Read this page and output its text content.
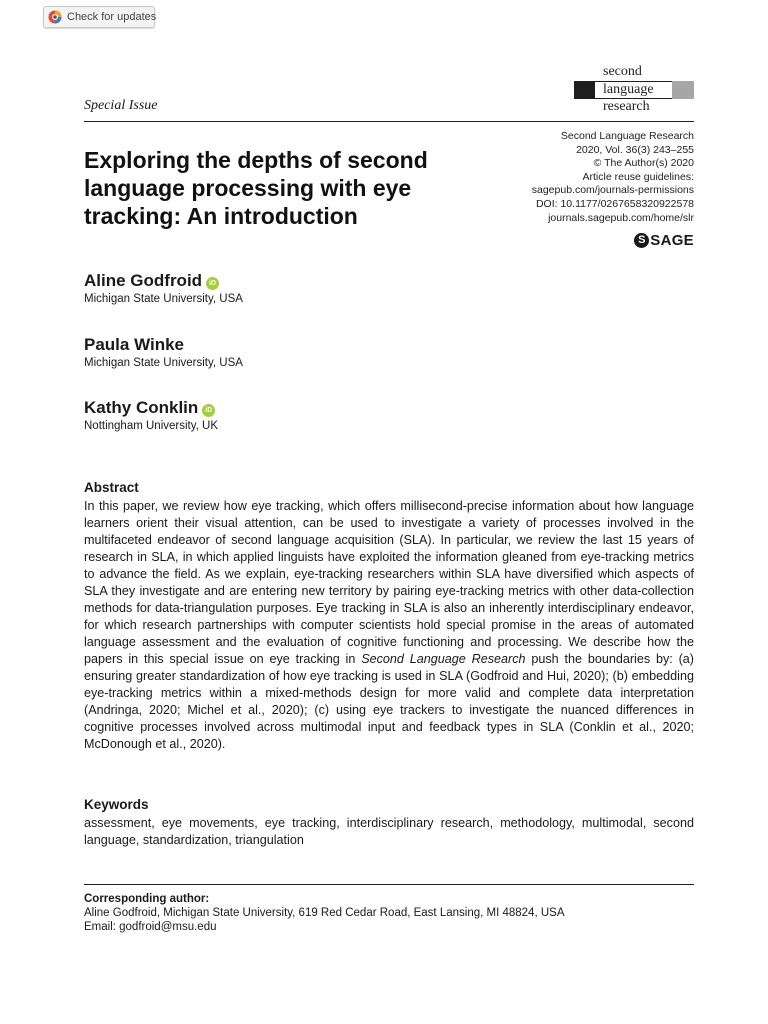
Check for updates
second
language
research
Special Issue
Second Language Research
2020, Vol. 36(3) 243–255
© The Author(s) 2020
Article reuse guidelines:
sagepub.com/journals-permissions
DOI: 10.1177/0267658320922578
journals.sagepub.com/home/slr
S SAGE
Exploring the depths of second language processing with eye tracking: An introduction
Aline Godfroid iD
Michigan State University, USA
Paula Winke
Michigan State University, USA
Kathy Conklin iD
Nottingham University, UK
Abstract
In this paper, we review how eye tracking, which offers millisecond-precise information about how language learners orient their visual attention, can be used to investigate a variety of processes involved in the multifaceted endeavor of second language acquisition (SLA). In particular, we review the last 15 years of research in SLA, in which applied linguists have exploited the information gleaned from eye-tracking metrics to advance the field. As we explain, eye-tracking researchers within SLA have diversified which aspects of SLA they investigate and are entering new territory by pairing eye-tracking metrics with other data-collection methods for data-triangulation purposes. Eye tracking in SLA is also an inherently interdisciplinary endeavor, for which research partnerships with computer scientists hold special promise in the areas of automated language assessment and the evaluation of cognitive functioning and processing. We describe how the papers in this special issue on eye tracking in Second Language Research push the boundaries by: (a) ensuring greater standardization of how eye tracking is used in SLA (Godfroid and Hui, 2020); (b) embedding eye-tracking metrics within a mixed-methods design for more valid and complete data interpretation (Andringa, 2020; Michel et al., 2020); (c) using eye trackers to investigate the nuanced differences in cognitive processes involved across multimodal input and feedback types in SLA (Conklin et al., 2020; McDonough et al., 2020).
Keywords
assessment, eye movements, eye tracking, interdisciplinary research, methodology, multimodal, second language, standardization, triangulation
Corresponding author:
Aline Godfroid, Michigan State University, 619 Red Cedar Road, East Lansing, MI 48824, USA
Email: godfroid@msu.edu
